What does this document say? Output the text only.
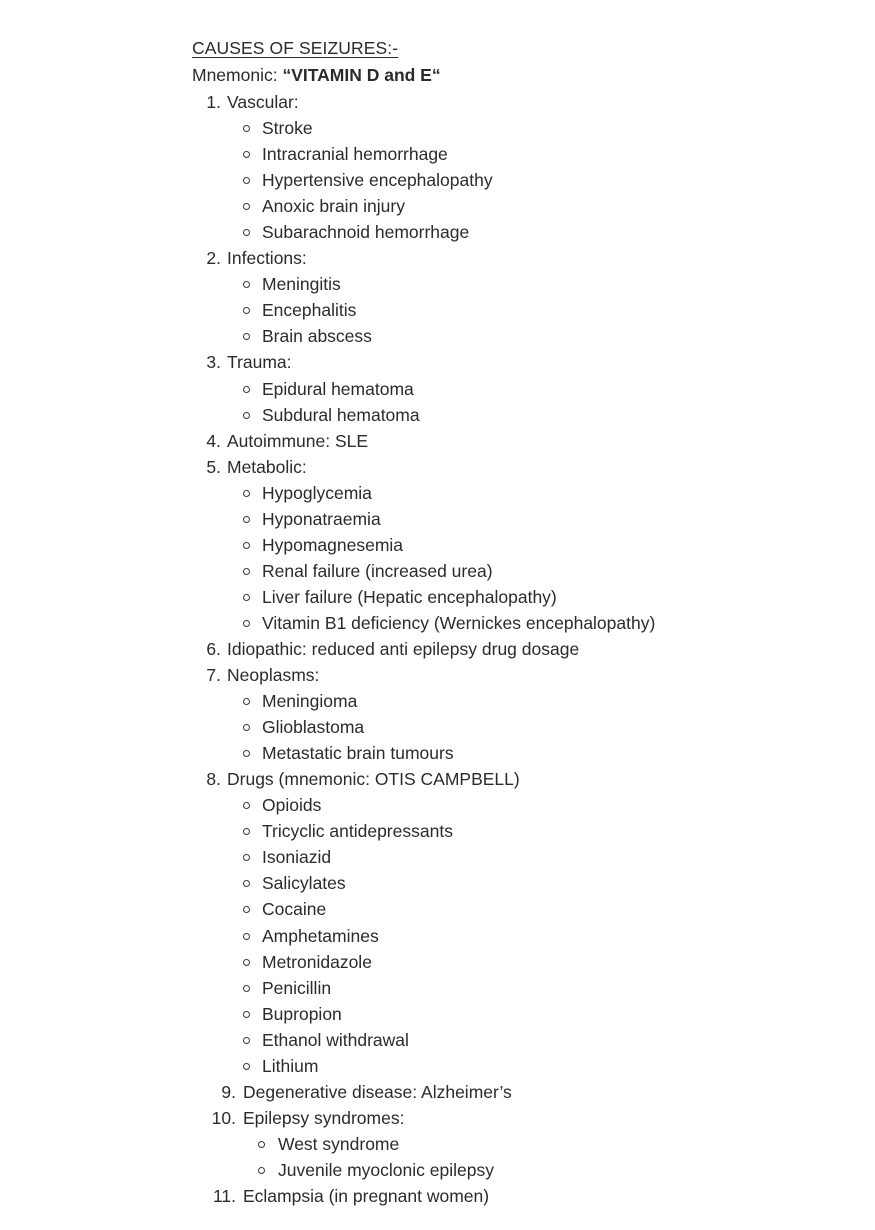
CAUSES OF SEIZURES:-
Mnemonic: “VITAMIN D and E“
1. Vascular:
Stroke
Intracranial hemorrhage
Hypertensive encephalopathy
Anoxic brain injury
Subarachnoid hemorrhage
2. Infections:
Meningitis
Encephalitis
Brain abscess
3. Trauma:
Epidural hematoma
Subdural hematoma
4. Autoimmune: SLE
5. Metabolic:
Hypoglycemia
Hyponatraemia
Hypomagnesemia
Renal failure (increased urea)
Liver failure (Hepatic encephalopathy)
Vitamin B1 deficiency (Wernickes encephalopathy)
6. Idiopathic: reduced anti epilepsy drug dosage
7. Neoplasms:
Meningioma
Glioblastoma
Metastatic brain tumours
8. Drugs (mnemonic: OTIS CAMPBELL)
Opioids
Tricyclic antidepressants
Isoniazid
Salicylates
Cocaine
Amphetamines
Metronidazole
Penicillin
Bupropion
Ethanol withdrawal
Lithium
9. Degenerative disease: Alzheimer’s
10. Epilepsy syndromes:
West syndrome
Juvenile myoclonic epilepsy
11. Eclampsia (in pregnant women)
